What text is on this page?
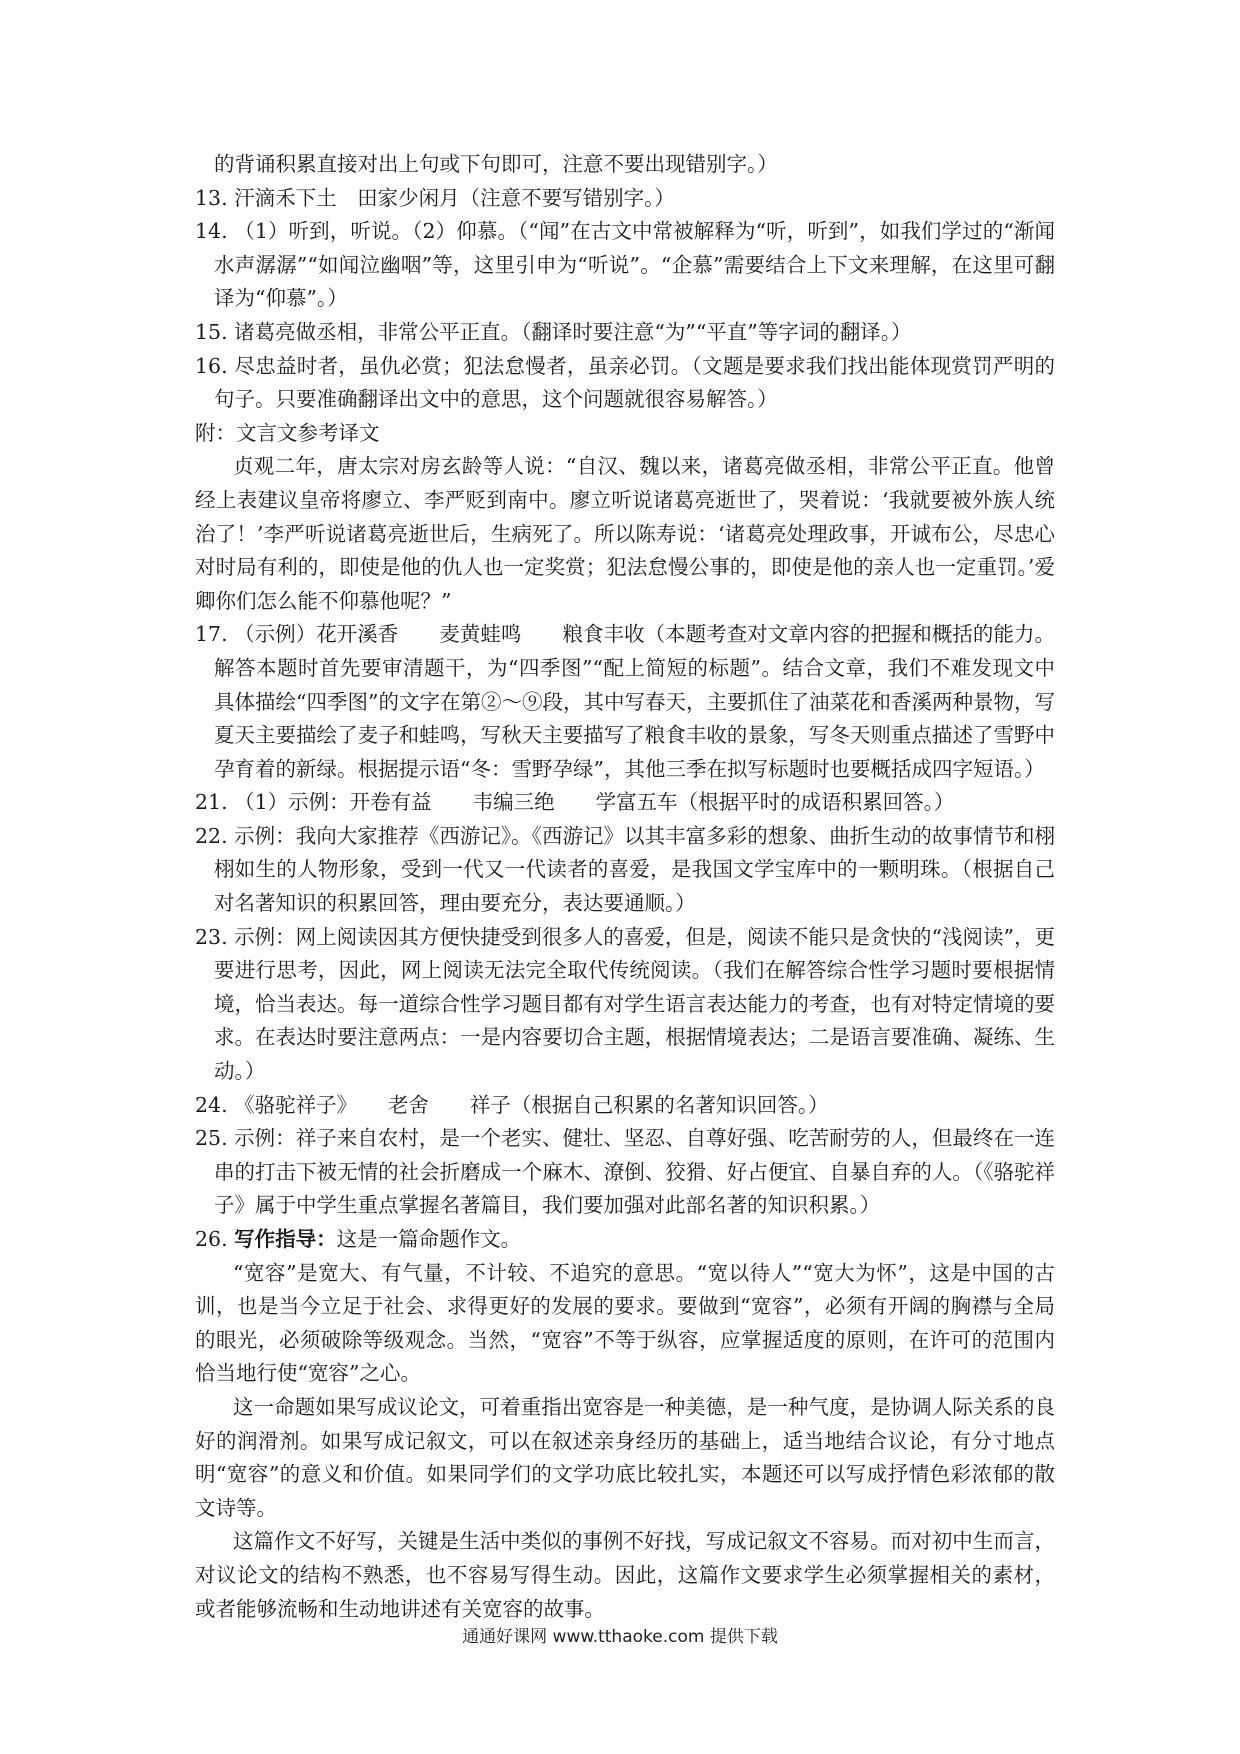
的背诵积累直接对出上句或下句即可，注意不要出现错别字。）

13. 汗滴禾下土　田家少闲月（注意不要写错别字。）

14. （1）听到，听说。（2）仰慕。（“闻”在古文中常被解释为“听，听到”，如我们学过的“渐闻水声潺潺”“如闻泣幽咽”等，这里引申为“听说”。“企慕”需要结合上下文来理解，在这里可翻译为“仰慕”。）

15. 诸葛亮做丞相，非常公平正直。（翻译时要注意“为”“平直”等字词的翻译。）

16. 尽忠益时者，虽仇必赏；犯法怠慢者，虽亲必罚。（文题是要求我们找出能体现赏罚严明的句子。只要准确翻译出文中的意思，这个问题就很容易解答。）

附：文言文参考译文

贞观二年，唐太宗对房玄龄等人说：“自汉、魏以来，诸葛亮做丞相，非常公平正直。他曾经上表建议皇帝将廖立、李严贬到南中。廖立听说诸葛亮逝世了，哭着说：‘我就要被外族人统治了！’李严听说诸葛亮逝世后，生病死了。所以陈寿说：‘诸葛亮处理政事，开诚布公，尽忠心对时局有利的，即使是他的仇人也一定奖赏；犯法怠慢公事的，即使是他的亲人也一定重罚。’爱卿你们怎么能不仰慕他呢？”

17. （示例）花开溪香　　麦黄蛙鸣　　粮食丰收（本题考查对文章内容的把握和概括的能力。解答本题时首先要审清题干，为“四季图”“配上简短的标题”。结合文章，我们不难发现文中具体描绘“四季图”的文字在第②～⑨段，其中写春天，主要抓住了油菜花和香溪两种景物，写夏天主要描绘了麦子和蛙鸣，写秋天主要描写了粮食丰收的景象，写冬天则重点描述了雪野中孕育着的新绿。根据提示语“冬：雪野孕绿”，其他三季在拟写标题时也要概括成四字短语。）

21. （1）示例：开卷有益　　韦编三绝　　学富五车（根据平时的成语积累回答。）

22. 示例：我向大家推荐《西游记》。《西游记》以其丰富多彩的想象、曲折生动的故事情节和栩栩如生的人物形象，受到一代又一代读者的喜爱，是我国文学宝库中的一颗明珠。（根据自己对名著知识的积累回答，理由要充分，表达要通顺。）

23. 示例：网上阅读因其方便快捷受到很多人的喜爱，但是，阅读不能只是贪快的“浅阅读”，更要进行思考，因此，网上阅读无法完全取代传统阅读。（我们在解答综合性学习题时要根据情境，恰当表达。每一道综合性学习题目都有对学生语言表达能力的考查，也有对特定情境的要求。在表达时要注意两点：一是内容要切合主题，根据情境表达；二是语言要准确、凝练、生动。）

24. 《骆驼祥子》　　老舍　　祥子（根据自己积累的名著知识回答。）

25. 示例：祥子来自农村，是一个老实、健壮、坚忍、自尊好强、吃苦耐劳的人，但最终在一连串的打击下被无情的社会折磨成一个麻木、潦倒、狡猾、好占便宜、自暴自弃的人。（《骆驼祥子》属于中学生重点掌握名著篇目，我们要加强对此部名著的知识积累。）

26. 写作指导：这是一篇命题作文。

“宽容”是宽大、有气量，不计较、不追究的意思。“宽以待人”“宽大为怀”，这是中国的古训，也是当今立足于社会、求得更好的发展的要求。要做到“宽容”，必须有开阔的胸襟与全局的眼光，必须破除等级观念。当然，“宽容”不等于纵容，应掌握适度的原则，在许可的范围内恰当地行使“宽容”之心。

这一命题如果写成议论文，可着重指出宽容是一种美德，是一种气度，是协调人际关系的良好的润滑剂。如果写成记叙文，可以在叙述亲身经历的基础上，适当地结合议论，有分寸地点明“宽容”的意义和价值。如果同学们的文学功底比较扎实，本题还可以写成抒情色彩浓郁的散文诗等。

这篇作文不好写，关键是生活中类似的事例不好找，写成记叙文不容易。而对初中生而言，对议论文的结构不熟悉，也不容易写得生动。因此，这篇作文要求学生必须掌握相关的素材，或者能够流畅和生动地讲述有关宽容的故事。

通通好课网 www.tthaoke.com 提供下载
